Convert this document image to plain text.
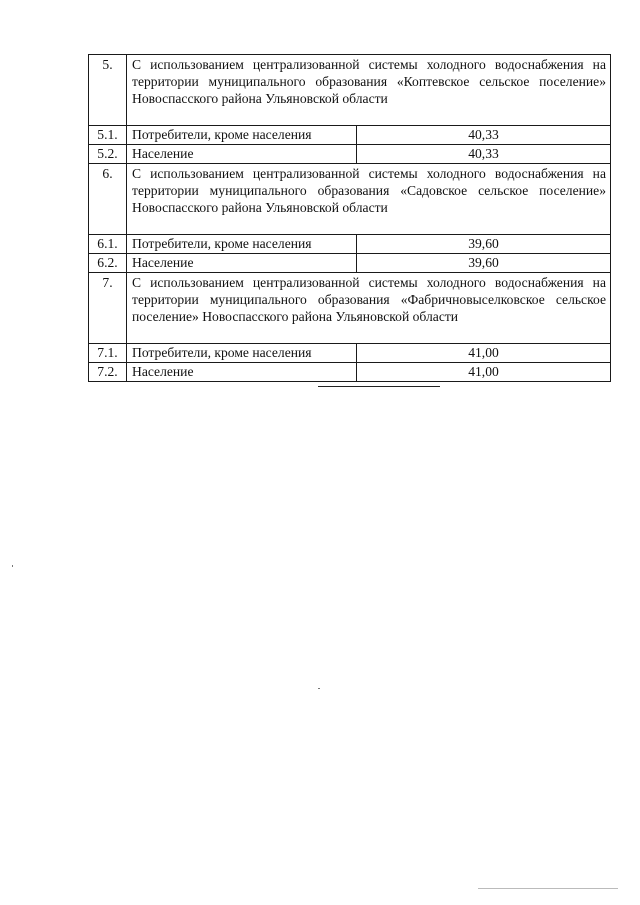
5.	С использованием централизованной системы холодного водоснабжения на территории муниципального образования «Коптевское сельское поселение» Новоспасского района Ульяновской области	
5.1.	Потребители, кроме населения	40,33
5.2.	Население	40,33
6.	С использованием централизованной системы холодного водоснабжения на территории муниципального образования «Садовское сельское поселение» Новоспасского района Ульяновской области	
6.1.	Потребители, кроме населения	39,60
6.2.	Население	39,60
7.	С использованием централизованной системы холодного водоснабжения на территории муниципального образования «Фабричновыселковское сельское поселение» Новоспасского района Ульяновской области	
7.1.	Потребители, кроме населения	41,00
7.2.	Население	41,00
